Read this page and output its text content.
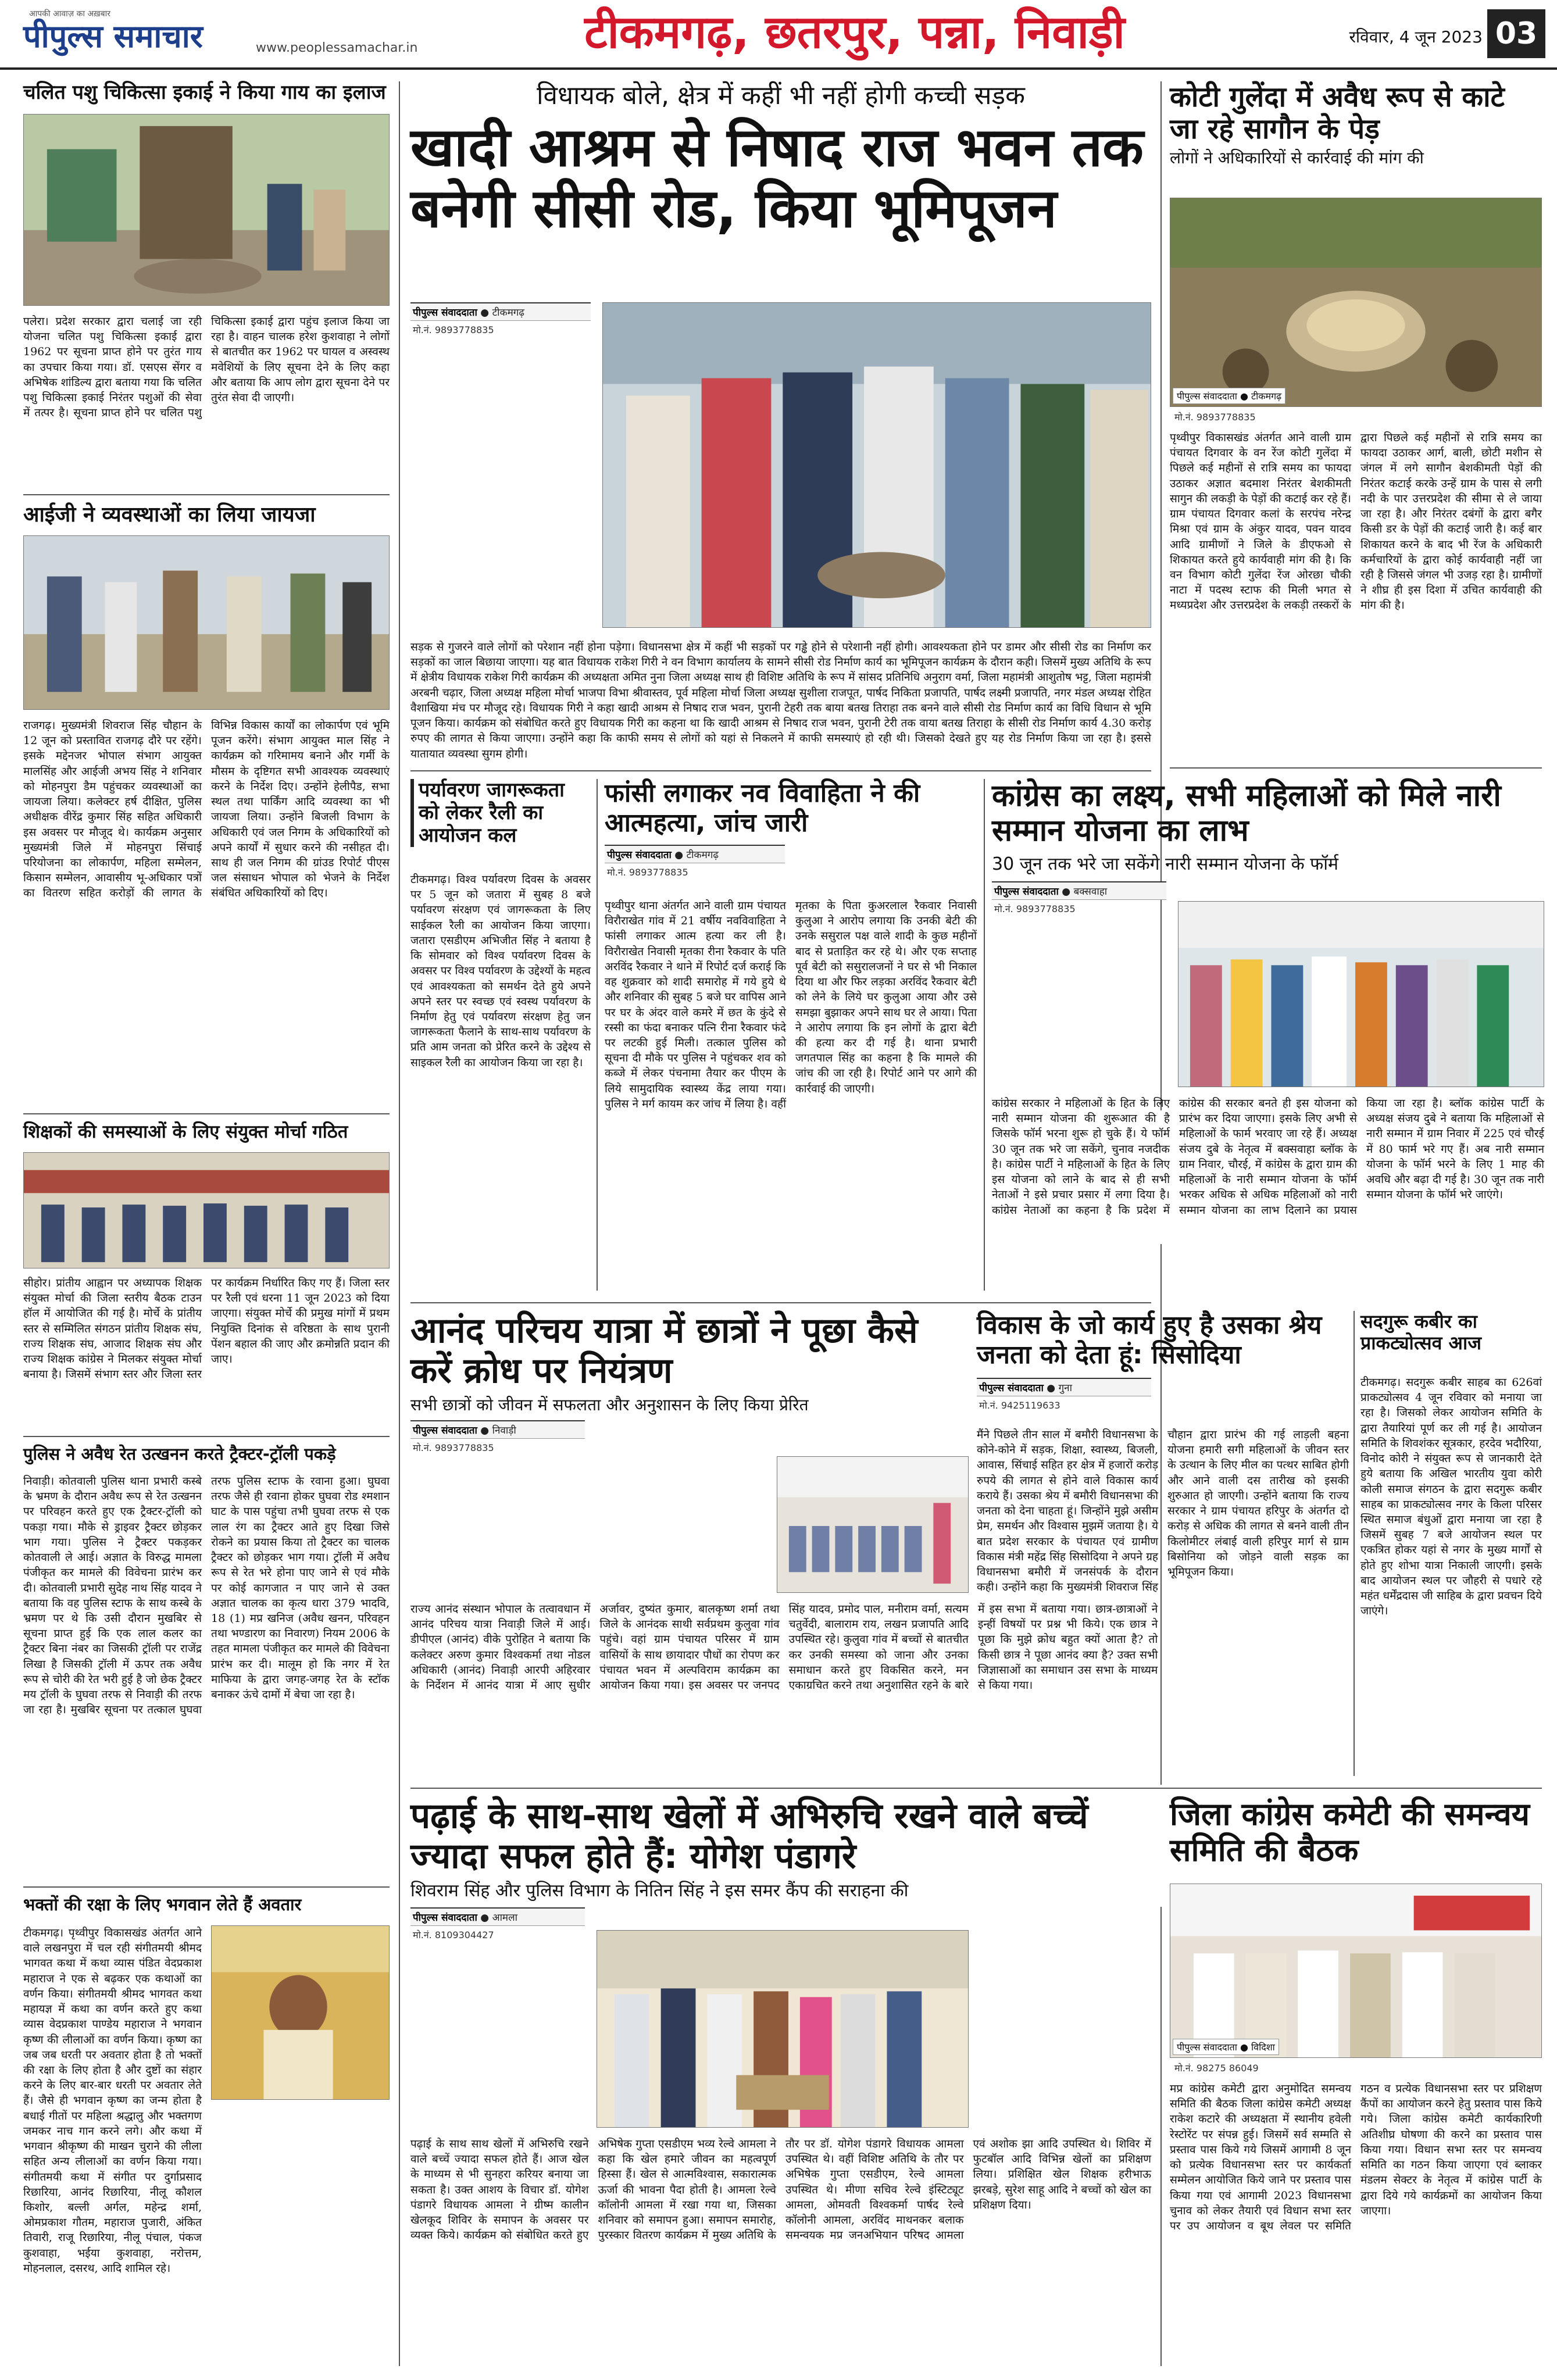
आपकी आवाज़ का अख़बार
पीपुल्स समाचार	www.peoplessamachar.in	टीकमगढ़, छतरपुर, पन्ना, निवाड़ी	रविवार, 4 जून 2023 03
चलित पशु चिकित्सा इकाई ने किया गाय का इलाज
पलेरा। प्रदेश सरकार द्वारा चलाई जा रही योजना चलित पशु चिकित्सा इकाई द्वारा 1962 पर सूचना प्राप्त होने पर तुरंत गाय का उपचार किया गया। डॉ. एसएस सेंगर व अभिषेक शांडिल्य द्वारा बताया गया कि चलित पशु चिकित्सा इकाई निरंतर पशुओं की सेवा में तत्पर है। सूचना प्राप्त होने पर चलित पशु चिकित्सा इकाई द्वारा पहुंच इलाज किया जा रहा है। वाहन चालक हरेश कुशवाहा ने लोगों से बातचीत कर 1962 पर घायल व अस्वस्थ मवेशियों के लिए सूचना देने के लिए कहा और बताया कि आप लोग द्वारा सूचना देने पर तुरंत सेवा दी जाएगी।
आईजी ने व्यवस्थाओं का लिया जायजा
राजगढ़। मुख्यमंत्री शिवराज सिंह चौहान के 12 जून को प्रस्तावित राजगढ़ दौरे पर रहेंगे। इसके मद्देनजर भोपाल संभाग आयुक्त मालसिंह और आईजी अभय सिंह ने शनिवार को मोहनपुरा डैम पहुंचकर व्यवस्थाओं का जायजा लिया। कलेक्टर हर्ष दीक्षित, पुलिस अधीक्षक वीरेंद्र कुमार सिंह सहित अधिकारी इस अवसर पर मौजूद थे। कार्यक्रम अनुसार मुख्यमंत्री जिले में मोहनपुरा सिंचाई परियोजना का लोकार्पण, महिला सम्मेलन, किसान सम्मेलन, आवासीय भू-अधिकार पत्रों का वितरण सहित करोड़ों की लागत के विभिन्न विकास कार्यों का लोकार्पण एवं भूमि पूजन करेंगे। संभाग आयुक्त माल सिंह ने कार्यक्रम को गरिमामय बनाने और गर्मी के मौसम के दृष्टिगत सभी आवश्यक व्यवस्थाएं करने के निर्देश दिए। उन्होंने हेलीपैड, सभा स्थल तथा पार्किंग आदि व्यवस्था का भी जायजा लिया। उन्होंने बिजली विभाग के अधिकारी एवं जल निगम के अधिकारियों को अपने कार्यों में सुधार करने की नसीहत दी। साथ ही जल निगम की ग्रांउड रिपोर्ट पीएस जल संसाधन भोपाल को भेजने के निर्देश संबंधित अधिकारियों को दिए।
शिक्षकों की समस्याओं के लिए संयुक्त मोर्चा गठित
सीहोर। प्रांतीय आह्वान पर अध्यापक शिक्षक संयुक्त मोर्चा की जिला स्तरीय बैठक टाउन हॉल में आयोजित की गई है। मोर्चे के प्रांतीय स्तर से सम्मिलित संगठन प्रांतीय शिक्षक संघ, राज्य शिक्षक संघ, आजाद शिक्षक संघ और राज्य शिक्षक कांग्रेस ने मिलकर संयुक्त मोर्चा बनाया है। जिसमें संभाग स्तर और जिला स्तर पर कार्यक्रम निर्धारित किए गए हैं। जिला स्तर पर रैली एवं धरना 11 जून 2023 को दिया जाएगा। संयुक्त मोर्चे की प्रमुख मांगों में प्रथम नियुक्ति दिनांक से वरिष्ठता के साथ पुरानी पेंशन बहाल की जाए और क्रमोन्नति प्रदान की जाए।
पुलिस ने अवैध रेत उत्खनन करते ट्रैक्टर-ट्रॉली पकड़े
निवाड़ी। कोतवाली पुलिस थाना प्रभारी कस्बे के भ्रमण के दौरान अवैध रूप से रेत उत्खनन पर परिवहन करते हुए एक ट्रैक्टर-ट्रॉली को पकड़ा गया। मौके से ड्राइवर ट्रैक्टर छोड़कर भाग गया। पुलिस ने ट्रैक्टर पकड़कर कोतवाली ले आई। अज्ञात के विरुद्ध मामला पंजीकृत कर मामले की विवेचना प्रारंभ कर दी। कोतवाली प्रभारी सुदेह नाथ सिंह यादव ने बताया कि वह पुलिस स्टाफ के साथ कस्बे के भ्रमण पर थे कि उसी दौरान मुखबिर से सूचना प्राप्त हुई कि एक लाल कलर का ट्रैक्टर बिना नंबर का जिसकी ट्रॉली पर राजेंद्र लिखा है जिसकी ट्रॉली में ऊपर तक अवैध रूप से चोरी की रेत भरी हुई है जो छेक ट्रैक्टर मय ट्रॉली के घुघवा तरफ से निवाड़ी की तरफ जा रहा है। मुखबिर सूचना पर तत्काल घुघवा तरफ पुलिस स्टाफ के रवाना हुआ। घुघवा तरफ जैसे ही रवाना होकर घुघवा रोड श्मशान घाट के पास पहुंचा तभी घुघवा तरफ से एक लाल रंग का ट्रैक्टर आते हुए दिखा जिसे रोकने का प्रयास किया तो ट्रैक्टर का चालक ट्रैक्टर को छोड़कर भाग गया। ट्रॉली में अवैध रूप से रेत भरे होना पाए जाने से एवं मौके पर कोई कागजात न पाए जाने से उक्त अज्ञात चालक का कृत्य धारा 379 भादवि, 18 (1) मप्र खनिज (अवैध खनन, परिवहन तथा भण्डारण का निवारण) नियम 2006 के तहत मामला पंजीकृत कर मामले की विवेचना प्रारंभ कर दी। मालूम हो कि नगर में रेत माफिया के द्वारा जगह-जगह रेत के स्टॉक बनाकर ऊंचे दामों में बेचा जा रहा है।
भक्तों की रक्षा के लिए भगवान लेते हैं अवतार
टीकमगढ़। पृथ्वीपुर विकासखंड अंतर्गत आने वाले लखनपुरा में चल रही संगीतमयी श्रीमद भागवत कथा में कथा व्यास पंडित वेदप्रकाश महाराज ने एक से बढ़कर एक कथाओं का वर्णन किया। संगीतमयी श्रीमद भागवत कथा महायज्ञ में कथा का वर्णन करते हुए कथा व्यास वेदप्रकाश पाण्डेय महाराज ने भगवान कृष्ण की लीलाओं का वर्णन किया। कृष्ण का जब जब धरती पर अवतार होता है तो भक्तों की रक्षा के लिए होता है और दुष्टों का संहार करने के लिए बार-बार धरती पर अवतार लेते हैं। जैसे ही भगवान कृष्ण का जन्म होता है बधाई गीतों पर महिला श्रद्धालु और भक्तगण जमकर नाच गान करने लगे। और कथा में भगवान श्रीकृष्ण की माखन चुराने की लीला सहित अन्य लीलाओं का वर्णन किया गया। संगीतमयी कथा में संगीत पर दुर्गाप्रसाद रिछारिया, आनंद रिछारिया, नीलू कौशल किशोर, बल्ली अर्गल, महेन्द्र शर्मा, ओमप्रकाश गौतम, महाराज पुजारी, अंकित तिवारी, राजू रिछारिया, नीलू पंचाल, पंकज कुशवाहा, भईया कुशवाहा, नरोत्तम, मोहनलाल, दसरथ, आदि शामिल रहे।
विधायक बोले, क्षेत्र में कहीं भी नहीं होगी कच्ची सड़क
खादी आश्रम से निषाद राज भवन तक बनेगी सीसी रोड, किया भूमिपूजन
पीपुल्स संवाददाता ● टीकमगढ़
मो.नं. 9893778835
सड़क से गुजरने वाले लोगों को परेशान नहीं होना पड़ेगा। विधानसभा क्षेत्र में कहीं भी सड़कों पर गड्ढे होने से परेशानी नहीं होगी। आवश्यकता होने पर डामर और सीसी रोड का निर्माण कर सड़कों का जाल बिछाया जाएगा। यह बात विधायक राकेश गिरी ने वन विभाग कार्यालय के सामने सीसी रोड निर्माण कार्य का भूमिपूजन कार्यक्रम के दौरान कही। जिसमें मुख्य अतिथि के रूप में क्षेत्रीय विधायक राकेश गिरी कार्यक्रम की अध्यक्षता अमित नुना जिला अध्यक्ष साथ ही विशिष्ट अतिथि के रूप में सांसद प्रतिनिधि अनुराग वर्मा, जिला महामंत्री आशुतोष भट्ट, जिला महामंत्री अरबनी चढ़ार, जिला अध्यक्ष महिला मोर्चा भाजपा विभा श्रीवास्तव, पूर्व महिला मोर्चा जिला अध्यक्ष सुशीला राजपूत, पार्षद निकिता प्रजापति, पार्षद लक्ष्मी प्रजापति, नगर मंडल अध्यक्ष रोहित वैशाखिया मंच पर मौजूद रहे। विधायक गिरी ने कहा खादी आश्रम से निषाद राज भवन, पुरानी टेहरी तक बाया बतख तिराहा तक बनने वाले सीसी रोड निर्माण कार्य का विधि विधान से भूमि पूजन किया। कार्यक्रम को संबोधित करते हुए विधायक गिरी का कहना था कि खादी आश्रम से निषाद राज भवन, पुरानी टेरी तक वाया बतख तिराहा के सीसी रोड निर्माण कार्य 4.30 करोड़ रुपए की लागत से किया जाएगा। उन्होंने कहा कि काफी समय से लोगों को यहां से निकलने में काफी समस्याएं हो रही थी। जिसको देखते हुए यह रोड निर्माण किया जा रहा है। इससे यातायात व्यवस्था सुगम होगी।
पर्यावरण जागरूकता को लेकर रैली का आयोजन कल
टीकमगढ़। विश्व पर्यावरण दिवस के अवसर पर 5 जून को जतारा में सुबह 8 बजे पर्यावरण संरक्षण एवं जागरूकता के लिए साईकल रैली का आयोजन किया जाएगा। जतारा एसडीएम अभिजीत सिंह ने बताया है कि सोमवार को विश्व पर्यावरण दिवस के अवसर पर विश्व पर्यावरण के उद्देश्यों के महत्व एवं आवश्यकता को समर्थन देते हुये अपने अपने स्तर पर स्वच्छ एवं स्वस्थ पर्यावरण के निर्माण हेतु एवं पर्यावरण संरक्षण हेतु जन जागरूकता फैलाने के साथ-साथ पर्यावरण के प्रति आम जनता को प्रेरित करने के उद्देश्य से साइकल रैली का आयोजन किया जा रहा है।
फांसी लगाकर नव विवाहिता ने की आत्महत्या, जांच जारी
पीपुल्स संवाददाता ● टीकमगढ़
मो.नं. 9893778835
पृथ्वीपुर थाना अंतर्गत आने वाली ग्राम पंचायत विरौराखेत गांव में 21 वर्षीय नवविवाहिता ने फांसी लगाकर आत्म हत्या कर ली है। विरौराखेत निवासी मृतका रीना रैकवार के पति अरविंद रैकवार ने थाने में रिपोर्ट दर्ज कराई कि वह शुक्रवार को शादी समारोह में गये हुये थे और शनिवार की सुबह 5 बजे घर वापिस आने पर घर के अंदर वाले कमरे में छत के कुंदे से रस्सी का फंदा बनाकर पत्नि रीना रैकवार फंदे पर लटकी हुई मिली। तत्काल पुलिस को सूचना दी मौके पर पुलिस ने पहुंचकर शव को कब्जे में लेकर पंचनामा तैयार कर पीएम के लिये सामुदायिक स्वास्थ्य केंद्र लाया गया। पुलिस ने मर्ग कायम कर जांच में लिया है। वहीं मृतका के पिता कुअरलाल रैकवार निवासी कुलुआ ने आरोप लगाया कि उनकी बेटी की उनके ससुराल पक्ष वाले शादी के कुछ महीनों बाद से प्रताड़ित कर रहे थे। और एक सप्ताह पूर्व बेटी को ससुरालजनों ने घर से भी निकाल दिया था और फिर लड़का अरविंद रैकवार बेटी को लेने के लिये घर कुलुआ आया और उसे समझा बुझाकर अपने साथ घर ले आया। पिता ने आरोप लगाया कि इन लोगों के द्वारा बेटी की हत्या कर दी गई है। थाना प्रभारी जगतपाल सिंह का कहना है कि मामले की जांच की जा रही है। रिपोर्ट आने पर आगे की कार्रवाई की जाएगी।
कांग्रेस का लक्ष्य, सभी महिलाओं को मिले नारी सम्मान योजना का लाभ
30 जून तक भरे जा सकेंगे नारी सम्मान योजना के फॉर्म
पीपुल्स संवाददाता ● बक्सवाहा
मो.नं. 9893778835
कांग्रेस सरकार ने महिलाओं के हित के लिए नारी सम्मान योजना की शुरूआत की है जिसके फॉर्म भरना शुरू हो चुके हैं। ये फॉर्म 30 जून तक भरे जा सकेंगे, चुनाव नजदीक है। कांग्रेस पार्टी ने महिलाओं के हित के लिए इस योजना को लाने के बाद से ही सभी नेताओं ने इसे प्रचार प्रसार में लगा दिया है। कांग्रेस नेताओं का कहना है कि प्रदेश में कांग्रेस की सरकार बनते ही इस योजना को प्रारंभ कर दिया जाएगा। इसके लिए अभी से महिलाओं के फार्म भरवाए जा रहे हैं। अध्यक्ष संजय दुबे के नेतृत्व में बक्सवाहा ब्लॉक के ग्राम निवार, चौरई, में कांग्रेस के द्वारा ग्राम की महिलाओं के नारी सम्मान योजना के फॉर्म भरकर अधिक से अधिक महिलाओं को नारी सम्मान योजना का लाभ दिलाने का प्रयास किया जा रहा है। ब्लॉक कांग्रेस पार्टी के अध्यक्ष संजय दुबे ने बताया कि महिलाओं से नारी सम्मान में ग्राम निवार में 225 एवं चौरई में 80 फार्म भरे गए हैं। अब नारी सम्मान योजना के फॉर्म भरने के लिए 1 माह की अवधि और बढ़ा दी गई है। 30 जून तक नारी सम्मान योजना के फॉर्म भरे जाएंगे।
कोटी गुलेंदा में अवैध रूप से काटे जा रहे सागौन के पेड़
लोगों ने अधिकारियों से कार्रवाई की मांग की
पीपुल्स संवाददाता ● टीकमगढ़
मो.नं. 9893778835
पृथ्वीपुर विकासखंड अंतर्गत आने वाली ग्राम पंचायत दिगवार के वन रेंज कोटी गुलेंदा में पिछले कई महीनों से रात्रि समय का फायदा उठाकर अज्ञात बदमाश निरंतर बेशकीमती सागुन की लकड़ी के पेड़ों की कटाई कर रहे हैं। ग्राम पंचायत दिगवार कलां के सरपंच नरेन्द्र मिश्रा एवं ग्राम के अंकुर यादव, पवन यादव आदि ग्रामीणों ने जिले के डीएफओ से शिकायत करते हुये कार्यवाही मांग की है। कि वन विभाग कोटी गुलेंदा रेंज ओरछा चौकी नाटा में पदस्थ स्टाफ की मिली भगत से मध्यप्रदेश और उत्तरप्रदेश के लकड़ी तस्करों के द्वारा पिछले कई महीनों से रात्रि समय का फायदा उठाकर आर्ग, बाली, छोटी मशीन से जंगल में लगे सागौन बेशकीमती पेड़ों की निरंतर कटाई करके उन्हें ग्राम के पास से लगी नदी के पार उत्तरप्रदेश की सीमा से ले जाया जा रहा है। और निरंतर दबंगों के द्वारा बगैर किसी डर के पेड़ों की कटाई जारी है। कई बार शिकायत करने के बाद भी रेंज के अधिकारी कर्मचारियों के द्वारा कोई कार्यवाही नहीं जा रही है जिससे जंगल भी उजड़ रहा है। ग्रामीणों ने शीघ्र ही इस दिशा में उचित कार्यवाही की मांग की है।
आनंद परिचय यात्रा में छात्रों ने पूछा कैसे करें क्रोध पर नियंत्रण
सभी छात्रों को जीवन में सफलता और अनुशासन के लिए किया प्रेरित
पीपुल्स संवाददाता ● निवाड़ी
मो.नं. 9893778835
राज्य आनंद संस्थान भोपाल के तत्वावधान में आनंद परिचय यात्रा निवाड़ी जिले में आई। डीपीएल (आनंद) वीके पुरोहित ने बताया कि कलेक्टर अरुण कुमार विश्वकर्मा तथा नोडल अधिकारी (आनंद) निवाड़ी आरपी अहिरवार के निर्देशन में आनंद यात्रा में आए सुधीर अर्जावर, दुष्यंत कुमार, बालकृष्ण शर्मा तथा जिले के आनंदक साथी सर्वप्रथम कुलुवा गांव पहुंचे। वहां ग्राम पंचायत परिसर में ग्राम वासियों के साथ छायादार पौधों का रोपण कर पंचायत भवन में अल्पविराम कार्यक्रम का आयोजन किया गया। इस अवसर पर जनपद सिंह यादव, प्रमोद पाल, मनीराम वर्मा, सत्यम चतुर्वेदी, बालाराम राय, लखन प्रजापति आदि उपस्थित रहे। कुलुवा गांव में बच्चों से बातचीत कर उनकी समस्या को जाना और उनका समाधान करते हुए विकसित करने, मन एकाग्रचित करने तथा अनुशासित रहने के बारे में इस सभा में बताया गया। छात्र-छात्राओं ने इन्हीं विषयों पर प्रश्न भी किये। एक छात्र ने पूछा कि मुझे क्रोध बहुत क्यों आता है? तो किसी छात्र ने पूछा आनंद क्या है? उक्त सभी जिज्ञासाओं का समाधान उस सभा के माध्यम से किया गया।
विकास के जो कार्य हुए है उसका श्रेय जनता को देता हूं: सिसोदिया
पीपुल्स संवाददाता ● गुना
मो.नं. 9425119633
मैंने पिछले तीन साल में बमौरी विधानसभा के कोने-कोने में सड़क, शिक्षा, स्वास्थ्य, बिजली, आवास, सिंचाई सहित हर क्षेत्र में हजारों करोड़ रुपये की लागत से होने वाले विकास कार्य कराये हैं। उसका श्रेय में बमौरी विधानसभा की जनता को देना चाहता हूं। जिन्होंने मुझे असीम प्रेम, समर्थन और विश्वास मुझमें जताया है। ये बात प्रदेश सरकार के पंचायत एवं ग्रामीण विकास मंत्री महेंद्र सिंह सिसोदिया ने अपने ग्रह विधानसभा बमौरी में जनसंपर्क के दौरान कही। उन्होंने कहा कि मुख्यमंत्री शिवराज सिंह चौहान द्वारा प्रारंभ की गई लाड़ली बहना योजना हमारी सगी महिलाओं के जीवन स्तर के उत्थान के लिए मील का पत्थर साबित होगी और आने वाली दस तारीख को इसकी शुरुआत हो जाएगी। उन्होंने बताया कि राज्य सरकार ने ग्राम पंचायत हरिपुर के अंतर्गत दो करोड़ से अधिक की लागत से बनने वाली तीन किलोमीटर लंबाई वाली हरिपुर मार्ग से ग्राम बिसोनिया को जोड़ने वाली सड़क का भूमिपूजन किया।
सदगुरू कबीर का प्राकट्योत्सव आज
टीकमगढ़। सदगुरू कबीर साहब का 626वां प्राकट्योत्सव 4 जून रविवार को मनाया जा रहा है। जिसको लेकर आयोजन समिति के द्वारा तैयारियां पूर्ण कर ली गई है। आयोजन समिति के शिवशंकर सूत्रकार, हरदेव भदौरिया, विनोद कोरी ने संयुक्त रूप से जानकारी देते हुये बताया कि अखिल भारतीय युवा कोरी कोली समाज संगठन के द्वारा सदगुरू कबीर साहब का प्राकट्योत्सव नगर के किला परिसर स्थित समाज बंधुओं द्वारा मनाया जा रहा है जिसमें सुबह 7 बजे आयोजन स्थल पर एकत्रित होकर यहां से नगर के मुख्य मार्गों से होते हुए शोभा यात्रा निकाली जाएगी। इसके बाद आयोजन स्थल पर जौहरी से पधारे रहे महंत धर्मेंद्रदास जी साहिब के द्वारा प्रवचन दिये जाएंगे।
पढ़ाई के साथ-साथ खेलों में अभिरुचि रखने वाले बच्चें ज्यादा सफल होते हैं: योगेश पंडागरे
शिवराम सिंह और पुलिस विभाग के नितिन सिंह ने इस समर कैंप की सराहना की
पीपुल्स संवाददाता ● आमला
मो.नं. 8109304427
पढ़ाई के साथ साथ खेलों में अभिरुचि रखने वाले बच्चें ज्यादा सफल होते हैं। आज खेल के माध्यम से भी सुनहरा करियर बनाया जा सकता है। उक्त आशय के विचार डॉ. योगेश पंडागरे विधायक आमला ने ग्रीष्म कालीन खेलकूद शिविर के समापन के अवसर पर व्यक्त किये। कार्यक्रम को संबोधित करते हुए अभिषेक गुप्ता एसडीएम भव्य रेल्वे आमला ने कहा कि खेल हमारे जीवन का महत्वपूर्ण हिस्सा हैं। खेल से आत्मविश्वास, सकारात्मक ऊर्जा की भावना पैदा होती है। आमला रेल्वे कॉलोनी आमला में रखा गया था, जिसका शनिवार को समापन हुआ। समापन समारोह, पुरस्कार वितरण कार्यक्रम में मुख्य अतिथि के तौर पर डॉ. योगेश पंडागरे विधायक आमला उपस्थित थे। वहीं विशिष्ट अतिथि के तौर पर अभिषेक गुप्ता एसडीएम, रेल्वे आमला उपस्थित थे। मीणा सचिव रेल्वे इंस्टिट्यूट आमला, ओमवती विश्वकर्मा पार्षद रेल्वे कॉलोनी आमला, अरविंद माथनकर बलाक समन्वयक मप्र जनअभियान परिषद आमला एवं अशोक झा आदि उपस्थित थे। शिविर में फुटबॉल आदि विभिन्न खेलों का प्रशिक्षण लिया। प्रशिक्षित खेल शिक्षक हरीभाऊ झरबड़े, सुरेश साहू आदि ने बच्चों को खेल का प्रशिक्षण दिया।
जिला कांग्रेस कमेटी की समन्वय समिति की बैठक
पीपुल्स संवाददाता ● विदिशा
मो.नं. 98275 86049
मप्र कांग्रेस कमेटी द्वारा अनुमोदित समन्वय समिति की बैठक जिला कांग्रेस कमेटी अध्यक्ष राकेश कटारे की अध्यक्षता में स्थानीय हवेली रेस्टोरेंट पर संपन्न हुई। जिसमें सर्व सम्मति से प्रस्ताव पास किये गये जिसमें आगामी 8 जून को प्रत्येक विधानसभा स्तर पर कार्यकर्ता सम्मेलन आयोजित किये जाने पर प्रस्ताव पास किया गया एवं आगामी 2023 विधानसभा चुनाव को लेकर तैयारी एवं विधान सभा स्तर पर उप आयोजन व बूथ लेवल पर समिति गठन व प्रत्येक विधानसभा स्तर पर प्रशिक्षण कैंपों का आयोजन करने हेतु प्रस्ताव पास किये गये। जिला कांग्रेस कमेटी कार्यकारिणी अतिशीघ्र घोषणा की करने का प्रस्ताव पास किया गया। विधान सभा स्तर पर समन्वय समिति का गठन किया जाएगा एवं ब्लाकर मंडलम सेक्टर के नेतृत्व में कांग्रेस पार्टी के द्वारा दिये गये कार्यक्रमों का आयोजन किया जाएगा।
